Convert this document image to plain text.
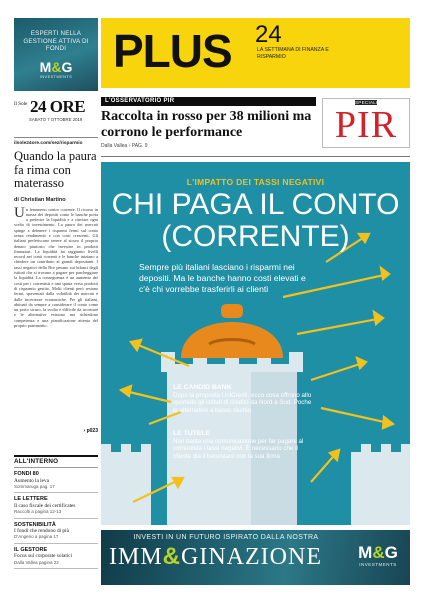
ESPERTI NELLA GESTIONE ATTIVA DI FONDI
M&G
INVESTMENTS PLUS 24
LA SETTIMANA DI FINANZA E RISPARMIO
Il Sole 24 ORE
SABATO 7 OTTOBRE 2019
ilsole24ore.com/sez/risparmio
L'OSSERVATORIO PIR
Raccolta in rosso per 38 milioni ma corrono le performance
Dalla Vallea › PAG. 9
SPECIALE
PIR
Quando la paura fa rima con materasso
di Christian Martino
Un fenomeno contro corrente. Il ricorso in massa dei depositi conto le banche porta a preferire la liquidità e a rinviare ogni scelta di investimento. La paura dei mercati spinge a detenere i risparmi fermi sul conto senza rendimento e con costi crescenti. Gli italiani preferiscono tenere al sicuro il proprio denaro piuttosto che investire in prodotti finanziari. La liquidità ha raggiunto livelli record nei conti correnti e le banche iniziano a chiedere un contributo ai grandi depositanti. I tassi negativi della Bce pesano sui bilanci degli istituti che si trovano a pagare per parcheggiare la liquidità. La conseguenza è un aumento dei costi per i correntisti e una spinta verso prodotti di risparmio gestito. Molti clienti però restano fermi, spaventati dalla volatilità dei mercati e dalle incertezze economiche. Per gli italiani, abituati da sempre a considerare il conto come un porto sicuro, la svolta è difficile da accettare e le alternative esistono ma richiedono competenza e una pianificazione attenta del proprio patrimonio.
› p023
ALL'INTERNO
FONDI 80
Aumento la leva
Sommaruga pag. 17
LE LETTERE
Il caso fiscale dei certificates
Raccolti a pagina 12-13
SOSTENIBILITÀ
I fondi che rendono di più
D'Angerio a pagina 17
IL GESTORE
Focus sul corporate solatici
Dalla Vallea pagina 22
L'IMPATTO DEI TASSI NEGATIVI
CHI PAGA IL CONTO
(CORRENTE)
Sempre più italiani lasciano i risparmi nei depositi. Ma le banche hanno costi elevati e c'è chi vorrebbe trasferirli ai clienti
LE CANDID BANK
Dopo la proposta UniCredit, ecco cosa offrono allo sportello gli istituti di credito da Nord a Sud. Poche le alternative a basso rischio
LE TUTELE
Non basta una comunicazione per far pagare al correntista i tassi negativi. È necessario che il cliente dia il benestare con la sua firma
INVESTI IN UN FUTURO ISPIRATO DALLA NOSTRA
IMM&GINAZIONE M&G
INVESTMENTS
